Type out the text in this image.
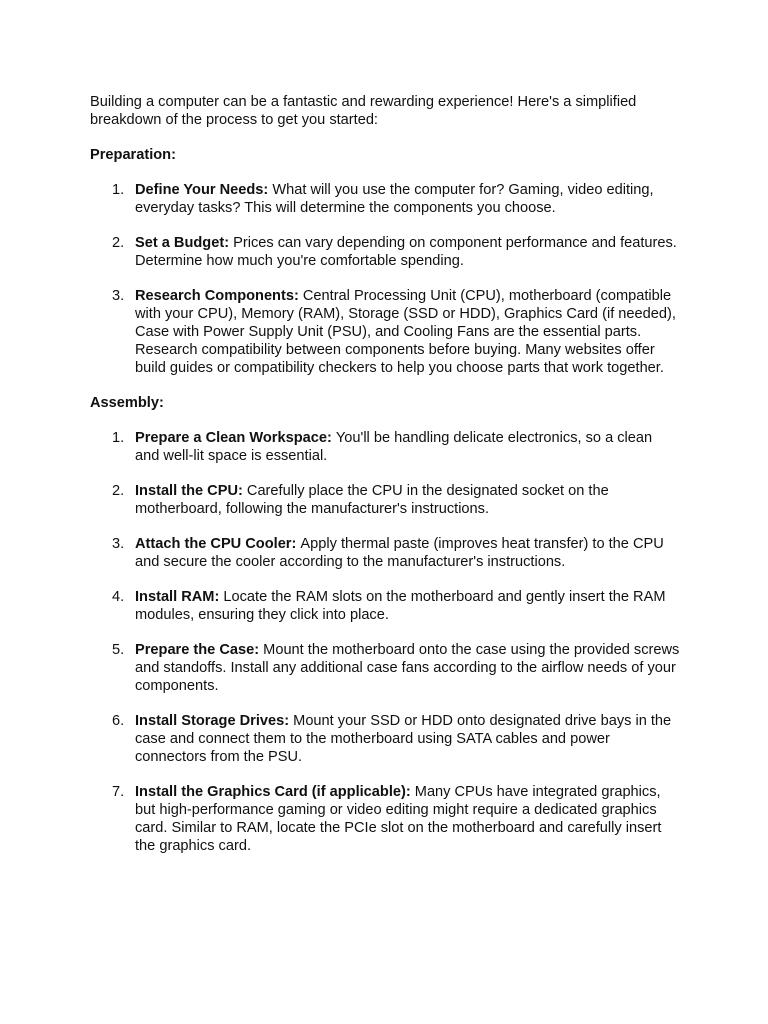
Building a computer can be a fantastic and rewarding experience! Here's a simplified breakdown of the process to get you started:

Preparation:

1. Define Your Needs: What will you use the computer for? Gaming, video editing, everyday tasks? This will determine the components you choose.
2. Set a Budget: Prices can vary depending on component performance and features. Determine how much you're comfortable spending.
3. Research Components: Central Processing Unit (CPU), motherboard (compatible with your CPU), Memory (RAM), Storage (SSD or HDD), Graphics Card (if needed), Case with Power Supply Unit (PSU), and Cooling Fans are the essential parts. Research compatibility between components before buying. Many websites offer build guides or compatibility checkers to help you choose parts that work together.

Assembly:

1. Prepare a Clean Workspace: You'll be handling delicate electronics, so a clean and well-lit space is essential.
2. Install the CPU: Carefully place the CPU in the designated socket on the motherboard, following the manufacturer's instructions.
3. Attach the CPU Cooler: Apply thermal paste (improves heat transfer) to the CPU and secure the cooler according to the manufacturer's instructions.
4. Install RAM: Locate the RAM slots on the motherboard and gently insert the RAM modules, ensuring they click into place.
5. Prepare the Case: Mount the motherboard onto the case using the provided screws and standoffs. Install any additional case fans according to the airflow needs of your components.
6. Install Storage Drives: Mount your SSD or HDD onto designated drive bays in the case and connect them to the motherboard using SATA cables and power connectors from the PSU.
7. Install the Graphics Card (if applicable): Many CPUs have integrated graphics, but high-performance gaming or video editing might require a dedicated graphics card. Similar to RAM, locate the PCIe slot on the motherboard and carefully insert the graphics card.
